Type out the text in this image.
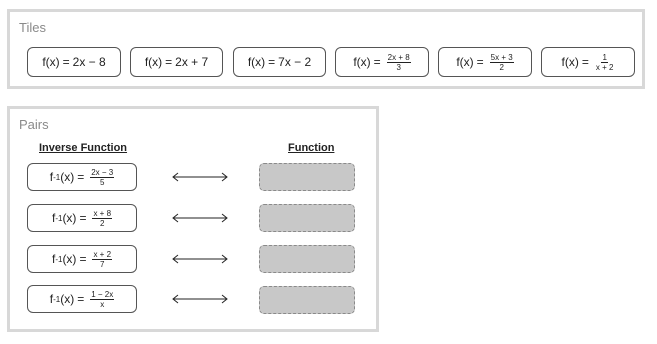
Tiles
f(x) = 2x − 8	f(x) = 2x + 7	f(x) = 7x − 2	$f(x) = \frac{2x + 8}{3}$	$f(x) = \frac{5x + 3}{2}$	$f(x) = \frac{1}{x + 2}$
Pairs
Inverse Function	Function
f -1 $(x) = \frac{2x - 3}{5}$
f -1 $(x) = \frac{x + 8}{2}$
f -1 $(x) = \frac{x + 2}{7}$
f -1 $(x) = \frac{1 - 2x}{x}$
